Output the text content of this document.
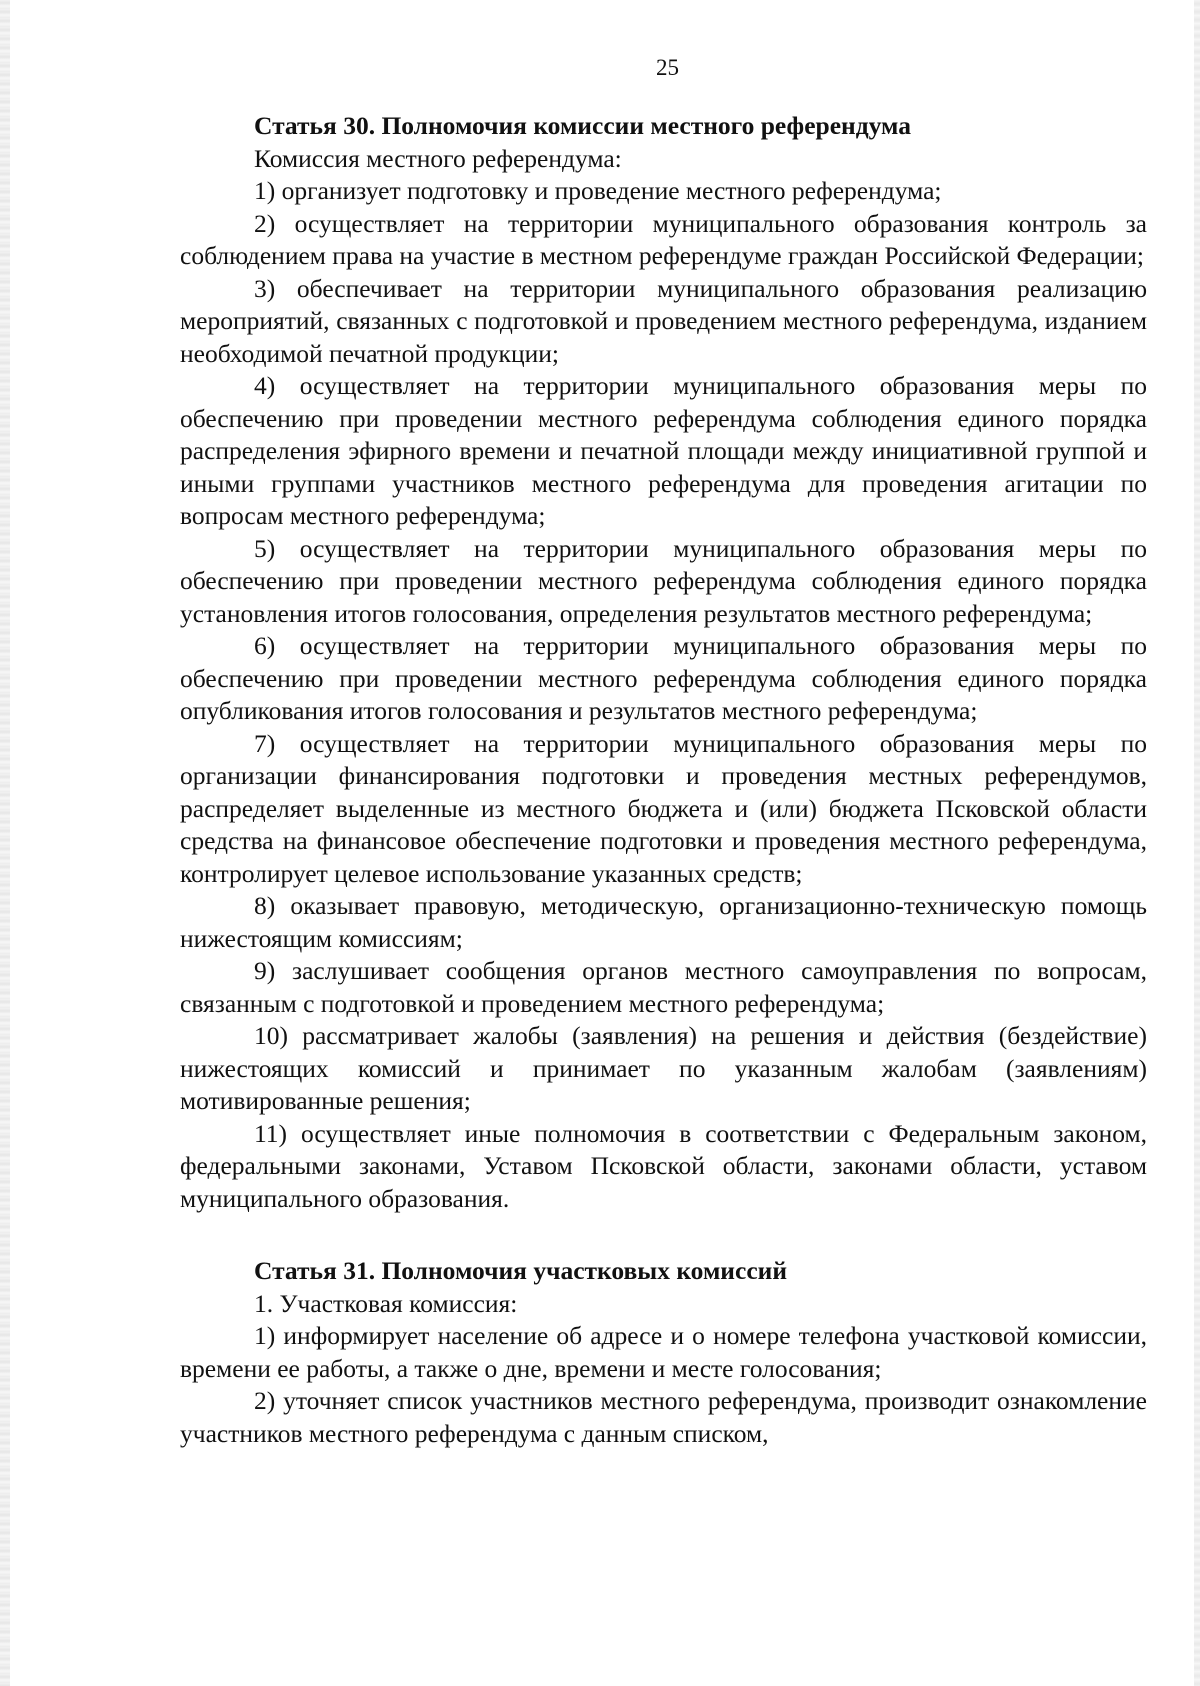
25

Статья 30. Полномочия комиссии местного референдума

Комиссия местного референдума:

1) организует подготовку и проведение местного референдума;

2) осуществляет на территории муниципального образования контроль за соблюдением права на участие в местном референдуме граждан Российской Федерации;

3) обеспечивает на территории муниципального образования реализацию мероприятий, связанных с подготовкой и проведением местного референдума, изданием необходимой печатной продукции;

4) осуществляет на территории муниципального образования меры по обеспечению при проведении местного референдума соблюдения единого порядка распределения эфирного времени и печатной площади между инициативной группой и иными группами участников местного референдума для проведения агитации по вопросам местного референдума;

5) осуществляет на территории муниципального образования меры по обеспечению при проведении местного референдума соблюдения единого порядка установления итогов голосования, определения результатов местного референдума;

6) осуществляет на территории муниципального образования меры по обеспечению при проведении местного референдума соблюдения единого порядка опубликования итогов голосования и результатов местного референдума;

7) осуществляет на территории муниципального образования меры по организации финансирования подготовки и проведения местных референдумов, распределяет выделенные из местного бюджета и (или) бюджета Псковской области средства на финансовое обеспечение подготовки и проведения местного референдума, контролирует целевое использование указанных средств;

8) оказывает правовую, методическую, организационно-техническую помощь нижестоящим комиссиям;

9) заслушивает сообщения органов местного самоуправления по вопросам, связанным с подготовкой и проведением местного референдума;

10) рассматривает жалобы (заявления) на решения и действия (бездействие) нижестоящих комиссий и принимает по указанным жалобам (заявлениям) мотивированные решения;

11) осуществляет иные полномочия в соответствии с Федеральным законом, федеральными законами, Уставом Псковской области, законами области, уставом муниципального образования.

Статья 31. Полномочия участковых комиссий

1. Участковая комиссия:

1) информирует население об адресе и о номере телефона участковой комиссии, времени ее работы, а также о дне, времени и месте голосования;

2) уточняет список участников местного референдума, производит ознакомление участников местного референдума с данным списком,
